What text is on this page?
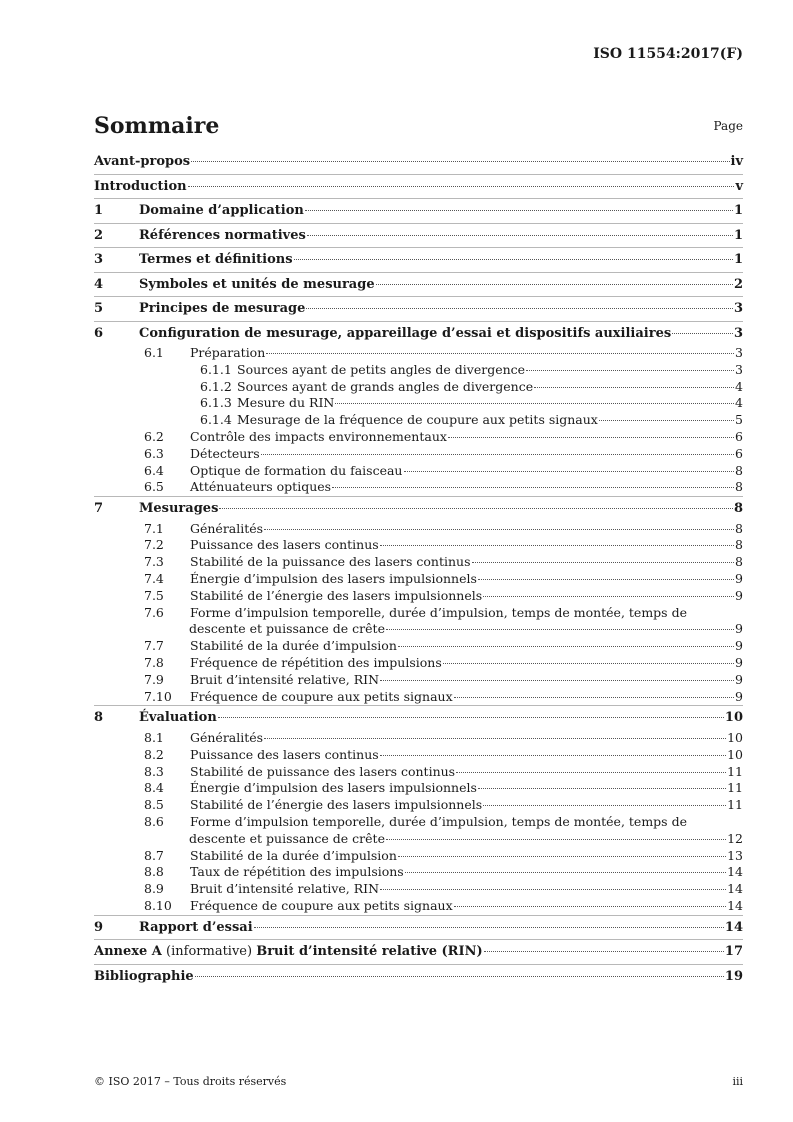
ISO 11554:2017(F)
Sommaire	Page
Avant-propos	iv
Introduction	v
1	Domaine d’application	1
2	Références normatives	1
3	Termes et définitions	1
4	Symboles et unités de mesurage	2
5	Principes de mesurage	3
6	Configuration de mesurage, appareillage d’essai et dispositifs auxiliaires	3
6.1 Préparation	3
6.1.1 Sources ayant de petits angles de divergence	3
6.1.2 Sources ayant de grands angles de divergence	4
6.1.3 Mesure du RIN	4
6.1.4 Mesurage de la fréquence de coupure aux petits signaux	5
6.2 Contrôle des impacts environnementaux	6
6.3 Détecteurs	6
6.4 Optique de formation du faisceau	8
6.5 Atténuateurs optiques	8
7	Mesurages	8
7.1 Généralités	8
7.2 Puissance des lasers continus	8
7.3 Stabilité de la puissance des lasers continus	8
7.4 Énergie d’impulsion des lasers impulsionnels	9
7.5 Stabilité de l’énergie des lasers impulsionnels	9
7.6 Forme d’impulsion temporelle, durée d’impulsion, temps de montée, temps de
descente et puissance de crête	9
7.7 Stabilité de la durée d’impulsion	9
7.8 Fréquence de répétition des impulsions	9
7.9 Bruit d’intensité relative, RIN	9
7.10 Fréquence de coupure aux petits signaux	9
8	Évaluation	10
8.1 Généralités	10
8.2 Puissance des lasers continus	10
8.3 Stabilité de puissance des lasers continus	11
8.4 Énergie d’impulsion des lasers impulsionnels	11
8.5 Stabilité de l’énergie des lasers impulsionnels	11
8.6 Forme d’impulsion temporelle, durée d’impulsion, temps de montée, temps de
descente et puissance de crête	12
8.7 Stabilité de la durée d’impulsion	13
8.8 Taux de répétition des impulsions	14
8.9 Bruit d’intensité relative, RIN	14
8.10 Fréquence de coupure aux petits signaux	14
9	Rapport d’essai	14
Annexe A (informative) Bruit d’intensité relative (RIN)	17
Bibliographie	19
© ISO 2017 – Tous droits réservés	iii
